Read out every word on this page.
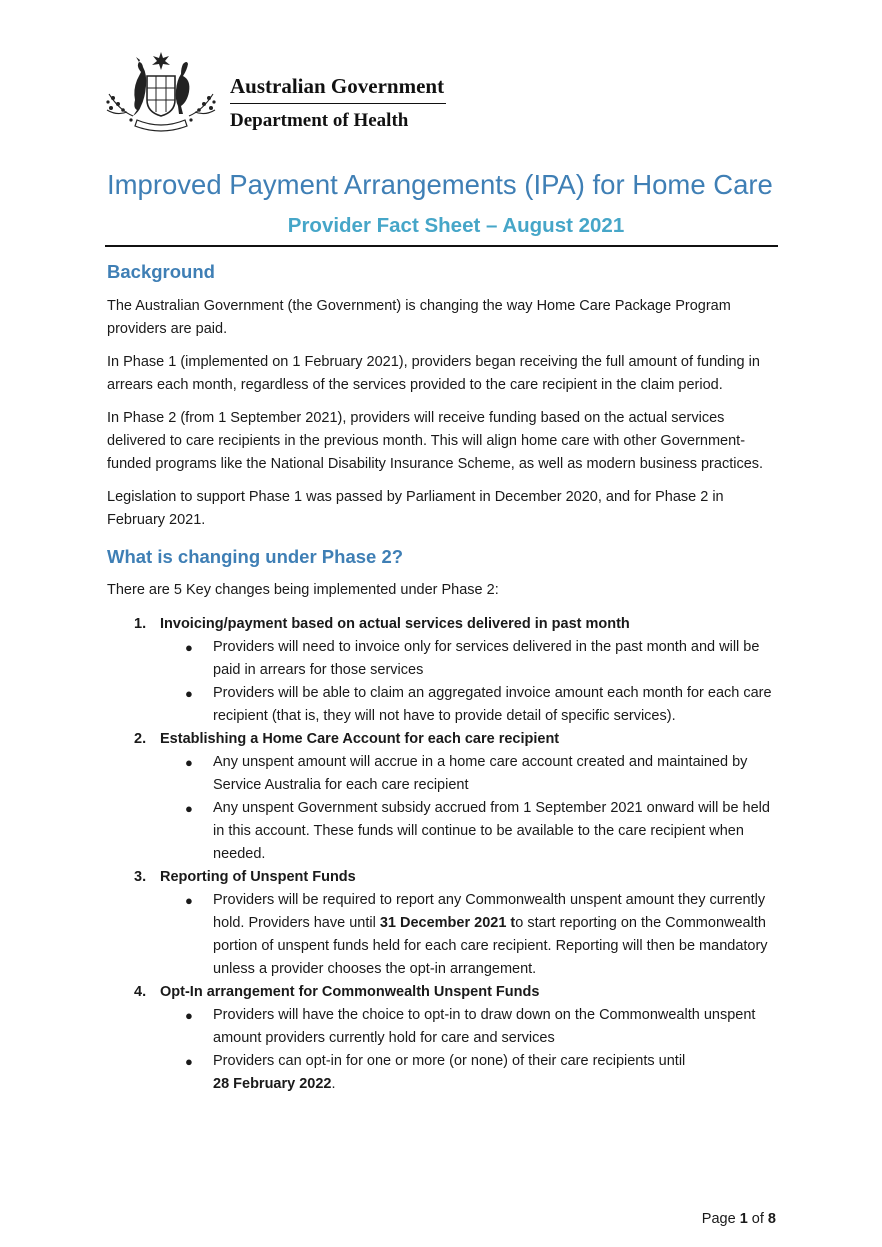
Australian Government
Department of Health
Improved Payment Arrangements (IPA) for Home Care
Provider Fact Sheet – August 2021
Background

The Australian Government (the Government) is changing the way Home Care Package Program providers are paid.

In Phase 1 (implemented on 1 February 2021), providers began receiving the full amount of funding in arrears each month, regardless of the services provided to the care recipient in the claim period.

In Phase 2 (from 1 September 2021), providers will receive funding based on the actual services delivered to care recipients in the previous month. This will align home care with other Government-funded programs like the National Disability Insurance Scheme, as well as modern business practices.

Legislation to support Phase 1 was passed by Parliament in December 2020, and for Phase 2 in February 2021.

What is changing under Phase 2?

There are 5 Key changes being implemented under Phase 2:

1. Invoicing/payment based on actual services delivered in past month
● Providers will need to invoice only for services delivered in the past month and will be paid in arrears for those services
● Providers will be able to claim an aggregated invoice amount each month for each care recipient (that is, they will not have to provide detail of specific services).
2. Establishing a Home Care Account for each care recipient
● Any unspent amount will accrue in a home care account created and maintained by Service Australia for each care recipient
● Any unspent Government subsidy accrued from 1 September 2021 onward will be held in this account. These funds will continue to be available to the care recipient when needed.
3. Reporting of Unspent Funds
● Providers will be required to report any Commonwealth unspent amount they currently hold. Providers have until 31 December 2021 to start reporting on the Commonwealth portion of unspent funds held for each care recipient. Reporting will then be mandatory unless a provider chooses the opt-in arrangement.
4. Opt-In arrangement for Commonwealth Unspent Funds
● Providers will have the choice to opt-in to draw down on the Commonwealth unspent amount providers currently hold for care and services
● Providers can opt-in for one or more (or none) of their care recipients until
28 February 2022.
Page 1 of 8
